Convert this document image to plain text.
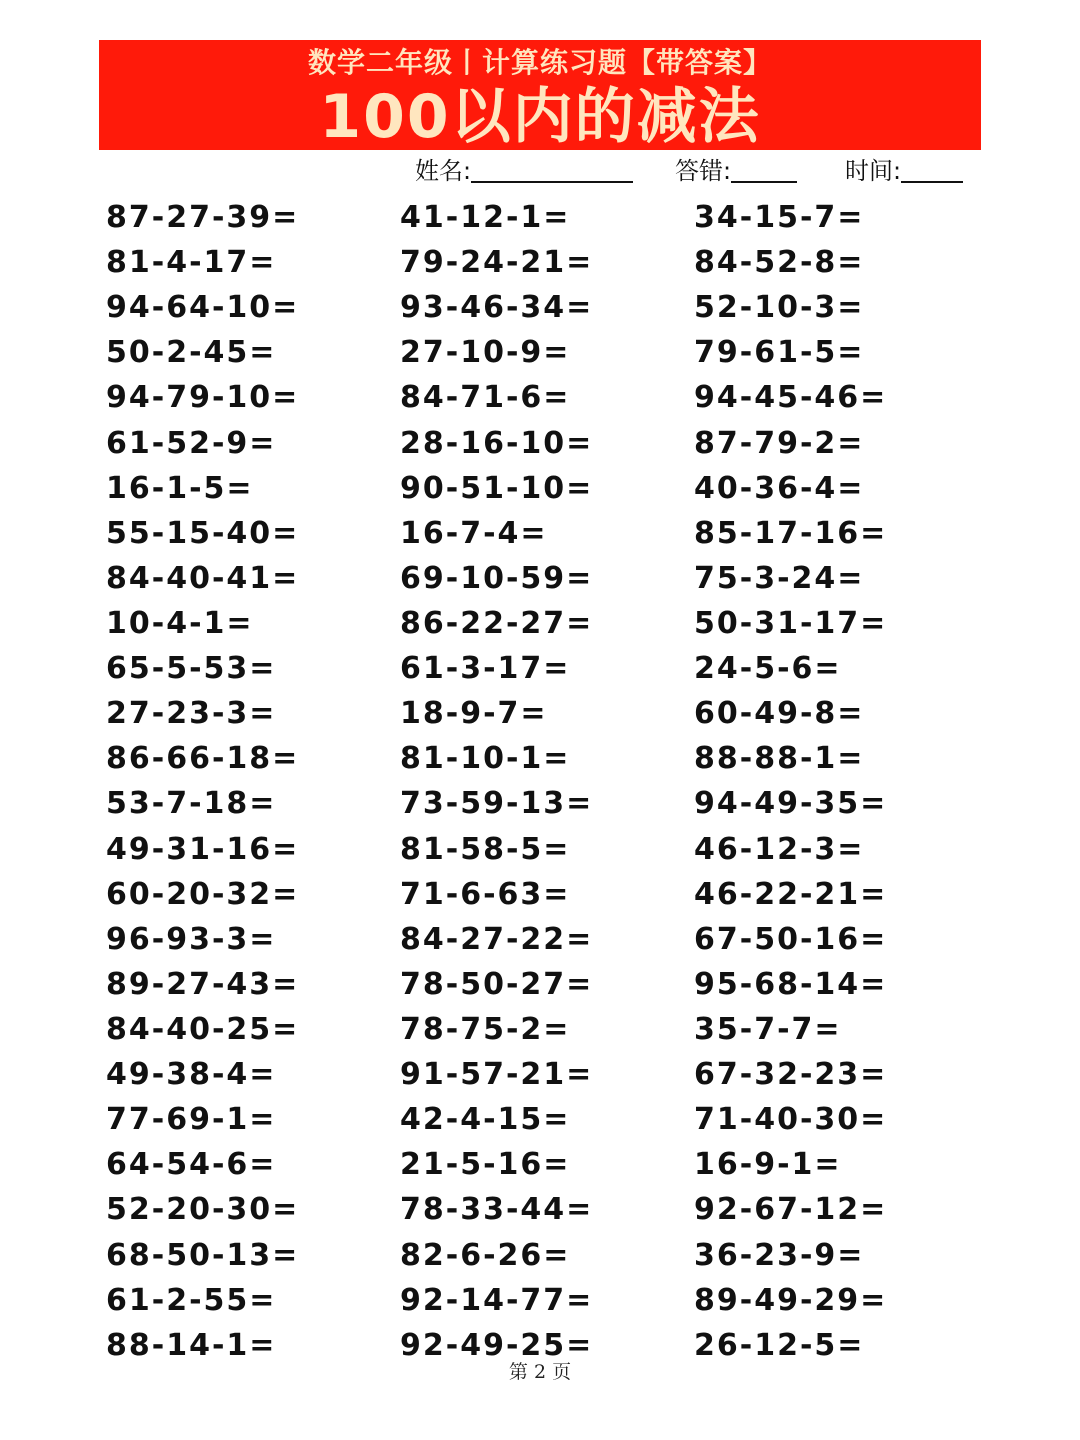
数学二年级丨计算练习题【带答案】
100以内的减法
姓名:	答错:	时间:
87-27-39=
81-4-17=
94-64-10=
50-2-45=
94-79-10=
61-52-9=
16-1-5=
55-15-40=
84-40-41=
10-4-1=
65-5-53=
27-23-3=
86-66-18=
53-7-18=
49-31-16=
60-20-32=
96-93-3=
89-27-43=
84-40-25=
49-38-4=
77-69-1=
64-54-6=
52-20-30=
68-50-13=
61-2-55=
88-14-1=
41-12-1=
79-24-21=
93-46-34=
27-10-9=
84-71-6=
28-16-10=
90-51-10=
16-7-4=
69-10-59=
86-22-27=
61-3-17=
18-9-7=
81-10-1=
73-59-13=
81-58-5=
71-6-63=
84-27-22=
78-50-27=
78-75-2=
91-57-21=
42-4-15=
21-5-16=
78-33-44=
82-6-26=
92-14-77=
92-49-25=
34-15-7=
84-52-8=
52-10-3=
79-61-5=
94-45-46=
87-79-2=
40-36-4=
85-17-16=
75-3-24=
50-31-17=
24-5-6=
60-49-8=
88-88-1=
94-49-35=
46-12-3=
46-22-21=
67-50-16=
95-68-14=
35-7-7=
67-32-23=
71-40-30=
16-9-1=
92-67-12=
36-23-9=
89-49-29=
26-12-5=
第 2 页
